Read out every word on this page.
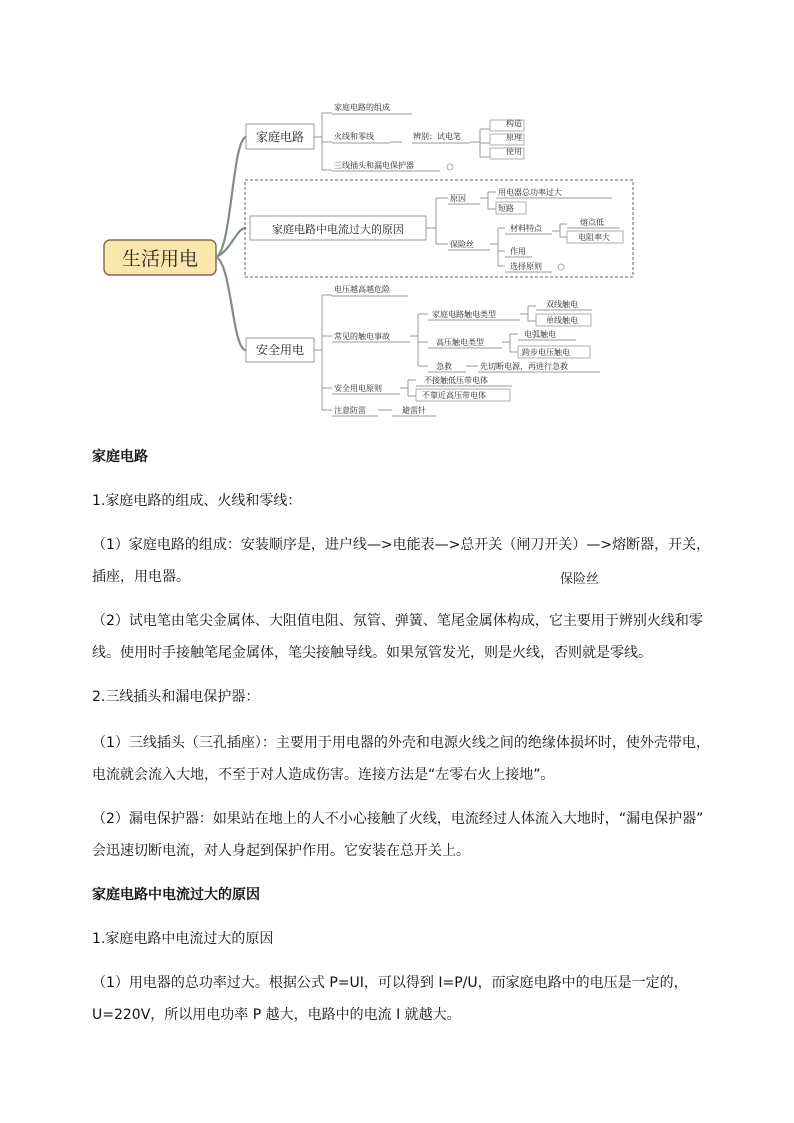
生活用电
家庭电路
家庭电路的组成
火线和零线	辨别：试电笔
构造
原理
使用
三线插头和漏电保护器
家庭电路中电流过大的原因
原因
用电器总功率过大
短路
保险丝
材料特点
熔点低
电阻率大
作用
选择原则
安全用电
电压越高越危险
常见的触电事故
家庭电路触电类型
双线触电
单线触电
高压触电类型
电弧触电
跨步电压触电
急救	先切断电源，再进行急救
安全用电原则
不接触低压带电体
不靠近高压带电体
注意防雷	避雷针
家庭电路
1.家庭电路的组成、火线和零线：
（1）家庭电路的组成：安装顺序是，进户线—>电能表—>总开关（闸刀开关）—>熔断器，开关，
插座，用电器。
（2）试电笔由笔尖金属体、大阻值电阻、氖管、弹簧、笔尾金属体构成，它主要用于辨别火线和零
线。使用时手接触笔尾金属体，笔尖接触导线。如果氖管发光，则是火线，否则就是零线。
2.三线插头和漏电保护器：
（1）三线插头（三孔插座）：主要用于用电器的外壳和电源火线之间的绝缘体损坏时，使外壳带电，
电流就会流入大地，不至于对人造成伤害。连接方法是“左零右火上接地”。
（2）漏电保护器：如果站在地上的人不小心接触了火线，电流经过人体流入大地时，“漏电保护器”
会迅速切断电流，对人身起到保护作用。它安装在总开关上。
家庭电路中电流过大的原因
1.家庭电路中电流过大的原因
（1）用电器的总功率过大。根据公式 P=UI，可以得到 I=P/U，而家庭电路中的电压是一定的，
U=220V，所以用电功率 P 越大，电路中的电流 I 就越大。
保险丝
